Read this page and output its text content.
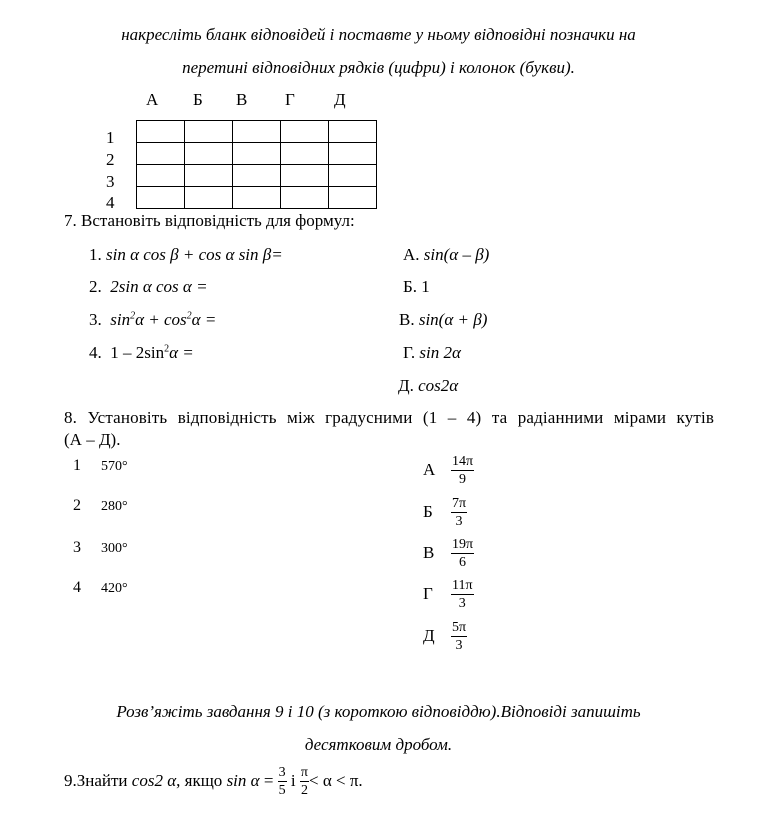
накресліть бланк відповідей і поставте у ньому відповідні позначки на
перетині відповідних рядків (цифри) і колонок (букви).
А Б В Г Д
1
2
3
4

7. Встановіть відповідність для формул:
1. sin α cos β + cos α sin β=
2. 2sin α cos α =
3. $\sin^2\alpha + \cos^2\alpha$ =
4. $1 - 2\sin^2\alpha$ =
А. sin(α – β)
Б. 1
В. sin(α + β)
Г. sin 2α
Д. cos2α
8. Установіть відповідність між градусними (1 – 4) та радіанними мірами кутів
(А – Д).
1 570°
2 280°
3 300°
4 420°
А $\frac{14\pi}{9}$
Б $\frac{7\pi}{3}$
В $\frac{19\pi}{6}$
Г $\frac{11\pi}{3}$
Д $\frac{5\pi}{3}$
Розв’яжіть завдання 9 і 10 (з короткою відповіддю).Відповіді запишіть
десятковим дробом.
9.Знайти cos2 α, якщо $\sin \alpha = \frac{3}{5}$ і $\frac{\pi}{2} < \alpha < \pi$.
